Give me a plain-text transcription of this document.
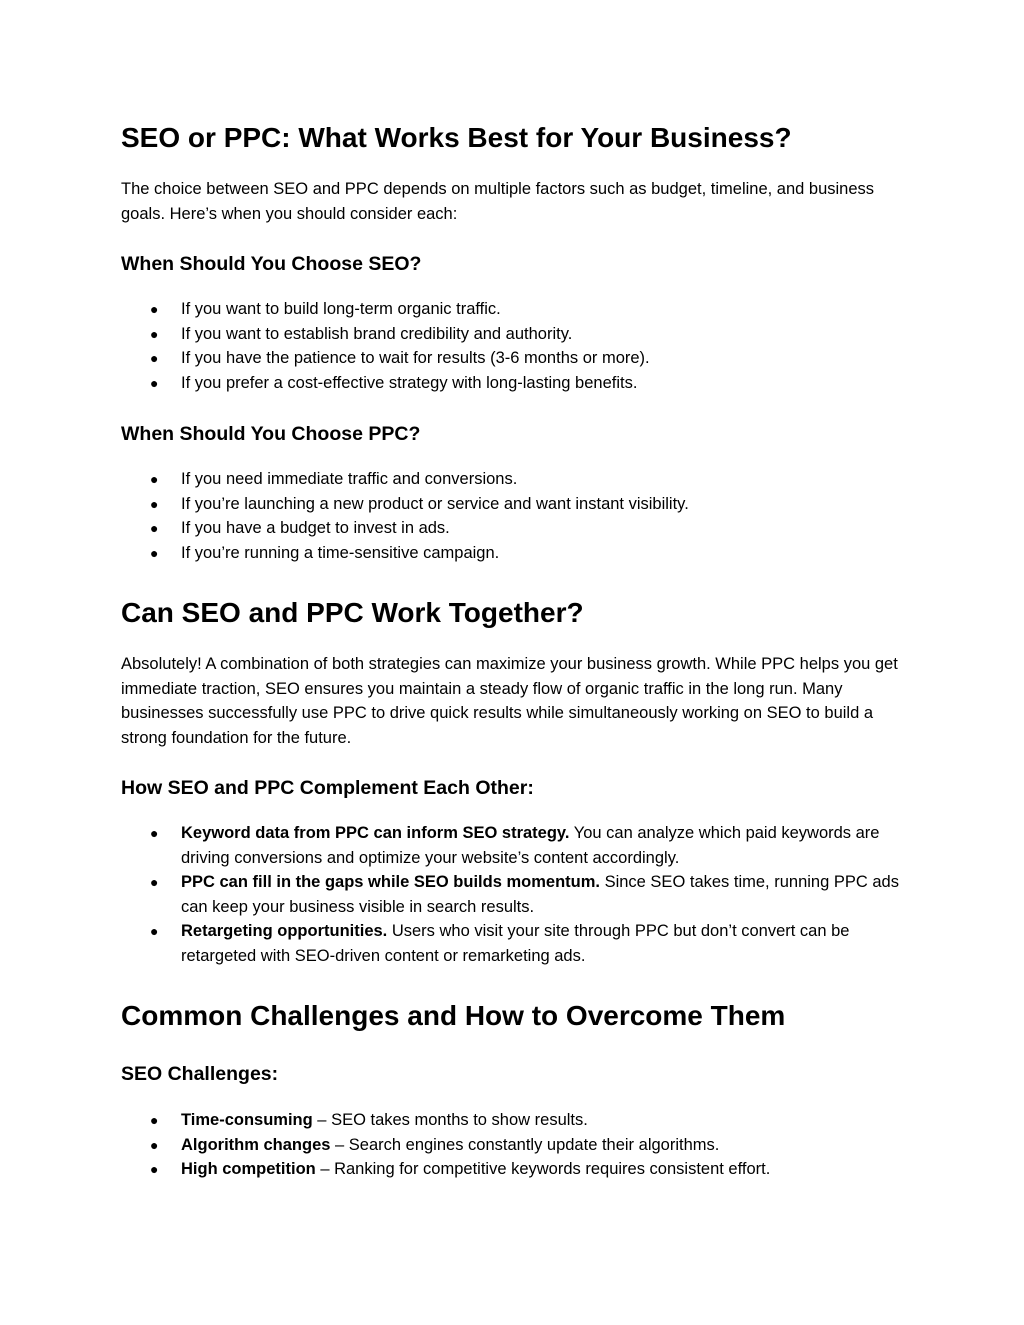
SEO or PPC: What Works Best for Your Business?

The choice between SEO and PPC depends on multiple factors such as budget, timeline, and business goals. Here’s when you should consider each:

When Should You Choose SEO?
● If you want to build long-term organic traffic.
● If you want to establish brand credibility and authority.
● If you have the patience to wait for results (3-6 months or more).
● If you prefer a cost-effective strategy with long-lasting benefits.
When Should You Choose PPC?
● If you need immediate traffic and conversions.
● If you’re launching a new product or service and want instant visibility.
● If you have a budget to invest in ads.
● If you’re running a time-sensitive campaign.
Can SEO and PPC Work Together?

Absolutely! A combination of both strategies can maximize your business growth. While PPC helps you get immediate traction, SEO ensures you maintain a steady flow of organic traffic in the long run. Many businesses successfully use PPC to drive quick results while simultaneously working on SEO to build a strong foundation for the future.

How SEO and PPC Complement Each Other:
● Keyword data from PPC can inform SEO strategy. You can analyze which paid keywords are driving conversions and optimize your website’s content accordingly.
● PPC can fill in the gaps while SEO builds momentum. Since SEO takes time, running PPC ads can keep your business visible in search results.
● Retargeting opportunities. Users who visit your site through PPC but don’t convert can be retargeted with SEO-driven content or remarketing ads.
Common Challenges and How to Overcome Them
SEO Challenges:
● Time-consuming – SEO takes months to show results.
● Algorithm changes – Search engines constantly update their algorithms.
● High competition – Ranking for competitive keywords requires consistent effort.
